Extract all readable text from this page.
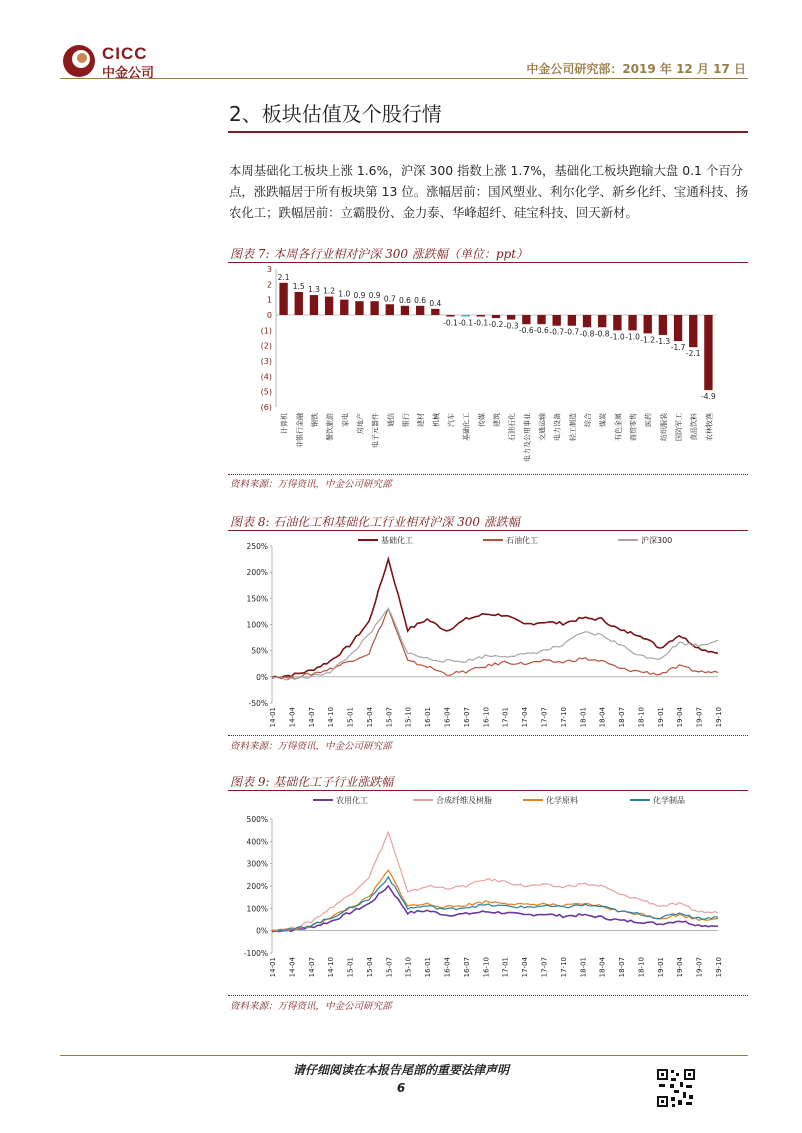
CICC
中金公司	中金公司研究部：2019 年 12 月 17 日
2、板块估值及个股行情
本周基础化工板块上涨 1.6%，沪深 300 指数上涨 1.7%，基础化工板块跑输大盘 0.1 个百分点，涨跌幅居于所有板块第 13 位。涨幅居前：国风塑业、利尔化学、新乡化纤、宝通科技、扬农化工；跌幅居前：立霸股份、金力泰、华峰超纤、硅宝科技、回天新材。
图表 7: 本周各行业相对沪深 300 涨跌幅（单位：ppt）
3
2
1
0
(1)
(2)
(3)
(4)
(5)
(6)
2.1
计算机
1.5
非银行金融
1.3
钢铁
1.2
餐饮旅游
1.0
家电
0.9
房地产
0.9
电子元器件
0.7
通信
0.6
银行
0.6
建材
0.4
机械
-0.1
汽车
-0.1
基础化工
-0.1
传媒
-0.2
建筑
-0.3
石油石化
-0.6
电力及公用事业
-0.6
交通运输
-0.7
电力设备
-0.7
轻工制造
-0.8
综合
-0.8
煤炭
-1.0
有色金属
-1.0
商贸零售
-1.2
医药
-1.3
纺织服装
-1.7
国防军工
-2.1
食品饮料
-4.9
农林牧渔
资料来源：万得资讯，中金公司研究部
图表 8: 石油化工和基础化工行业相对沪深 300 涨跌幅
-50%
0%
50%
100%
150%
200%
250%
14-01 14-04 14-07 14-10 15-01 15-04 15-07 15-10 16-01 16-04 16-07 16-10 17-01 17-04 17-07 17-10 18-01 18-04 18-07 18-10 19-01 19-04 19-07 19-10
基础化工	石油化工	沪深300
资料来源：万得资讯，中金公司研究部
图表 9: 基础化工子行业涨跌幅
-100%
0%
100%
200%
300%
400%
500%
14-01 14-04 14-07 14-10 15-01 15-04 15-07 15-10 16-01 16-04 16-07 16-10 17-01 17-04 17-07 17-10 18-01 18-04 18-07 18-10 19-01 19-04 19-07 19-10
农用化工	合成纤维及树脂	化学原料	化学制品
资料来源：万得资讯，中金公司研究部
请仔细阅读在本报告尾部的重要法律声明
6
